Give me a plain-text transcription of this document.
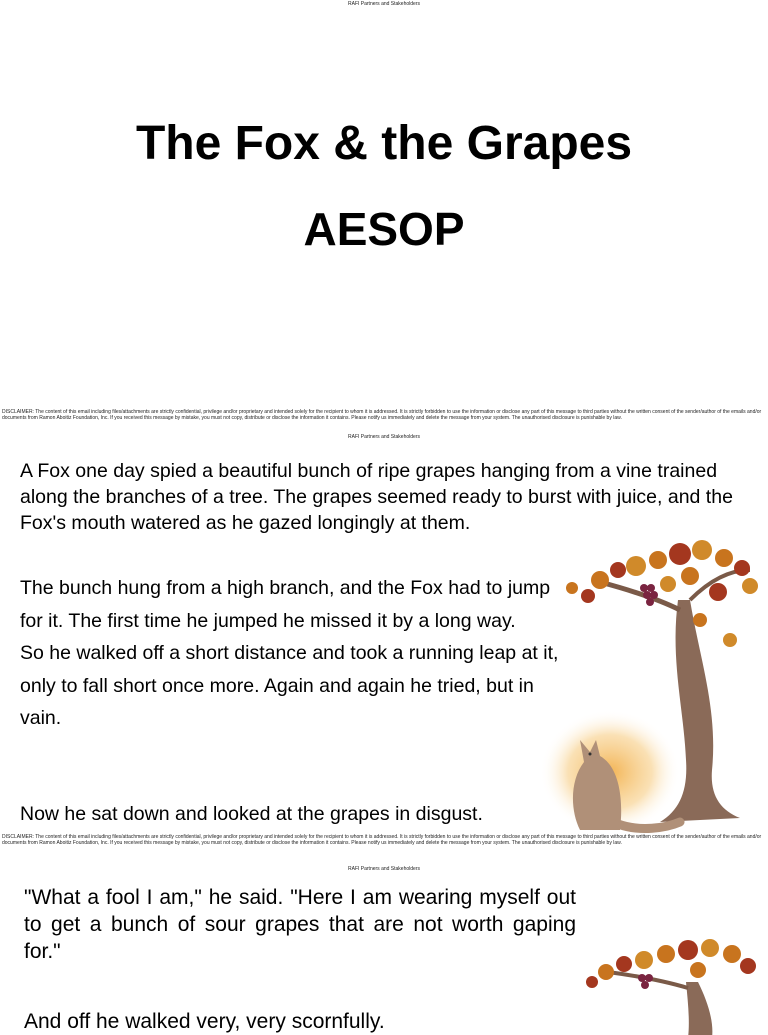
RAFI Partners and Stakeholders
The Fox & the Grapes
AESOP
DISCLAIMER: The content of this email including files/attachments are strictly confidential, privilege and/or proprietary and intended solely for the recipient to whom it is addressed. It is strictly forbidden to use the information or disclose any part of this message to third parties without the written consent of the sender/author of the emails and/or documents from Ramon Aboitiz Foundation, Inc. If you received this message by mistake, you must not copy, distribute or disclose the information it contains. Please notify us immediately and delete the message from your system. The unauthorised disclosure is punishable by law.
RAFI Partners and Stakeholders
A Fox one day spied a beautiful bunch of ripe grapes hanging from a vine trained along the branches of a tree. The grapes seemed ready to burst with juice, and the Fox's mouth watered as he gazed longingly at them.
The bunch hung from a high branch, and the Fox had to jump for it. The first time he jumped he missed it by a long way.
So he walked off a short distance and took a running leap at it, only to fall short once more. Again and again he tried, but in vain.
Now he sat down and looked at the grapes in disgust.
DISCLAIMER: The content of this email including files/attachments are strictly confidential, privilege and/or proprietary and intended solely for the recipient to whom it is addressed. It is strictly forbidden to use the information or disclose any part of this message to third parties without the written consent of the sender/author of the emails and/or documents from Ramon Aboitiz Foundation, Inc. If you received this message by mistake, you must not copy, distribute or disclose the information it contains. Please notify us immediately and delete the message from your system. The unauthorised disclosure is punishable by law.
RAFI Partners and Stakeholders
"What a fool I am," he said. "Here I am wearing myself out to get a bunch of sour grapes that are not worth gaping for."
And off he walked very, very scornfully.
